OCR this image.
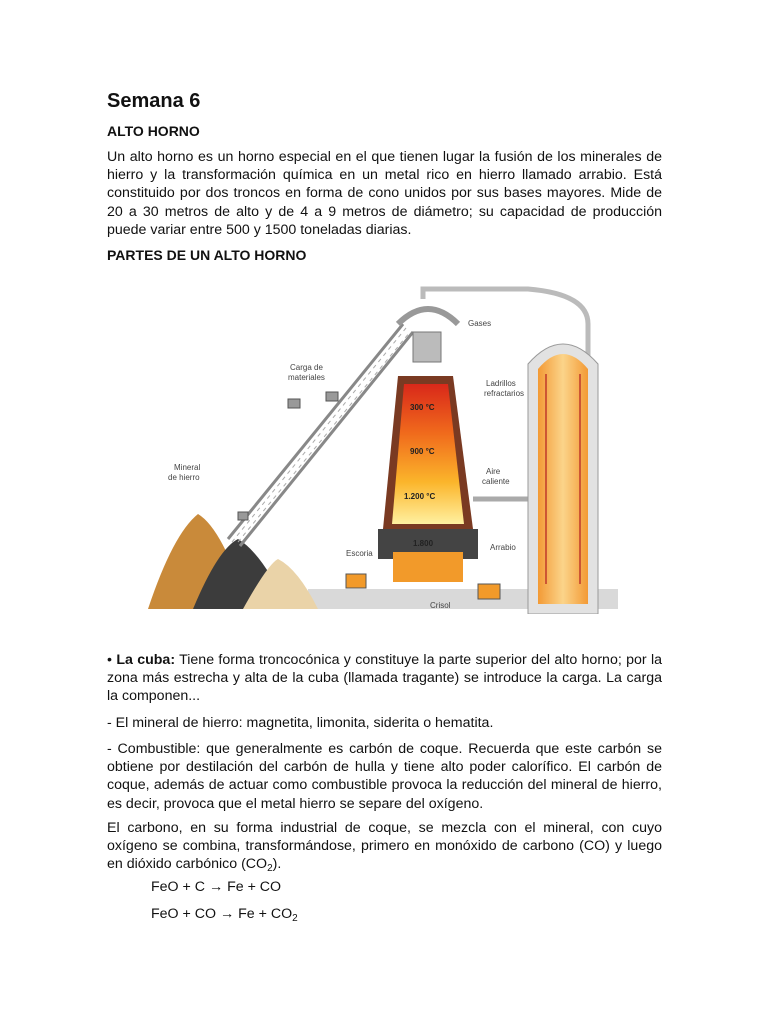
Semana 6
ALTO HORNO

Un alto horno es un horno especial en el que tienen lugar la fusión de los minerales de hierro y la transformación química en un metal rico en hierro llamado arrabio. Está constituido por dos troncos en forma de cono unidos por sus bases mayores. Mide de 20 a 30 metros de alto y de 4 a 9 metros de diámetro; su capacidad de producción puede variar entre 500 y 1500 toneladas diarias.

PARTES DE UN ALTO HORNO

• La cuba: Tiene forma troncocónica y constituye la parte superior del alto horno; por la zona más estrecha y alta de la cuba (llamada tragante) se introduce la carga. La carga la componen...

- El mineral de hierro: magnetita, limonita, siderita o hematita.

- Combustible: que generalmente es carbón de coque. Recuerda que este carbón se obtiene por destilación del carbón de hulla y tiene alto poder calorífico. El carbón de coque, además de actuar como combustible provoca la reducción del mineral de hierro, es decir, provoca que el metal hierro se separe del oxígeno.

El carbono, en su forma industrial de coque, se mezcla con el mineral, con cuyo oxígeno se combina, transformándose, primero en monóxido de carbono (CO) y luego en dióxido carbónico $(CO_2)$.

FeO + C → Fe + CO
FeO + CO → $Fe + CO_2$
300 °C
900 °C
1.200 °C
1.800
Gases
Carga de
materiales
Ladrillos
refractarios
Mineral
de hierro
Aire
caliente
Escoria
Arrabio
Crisol
